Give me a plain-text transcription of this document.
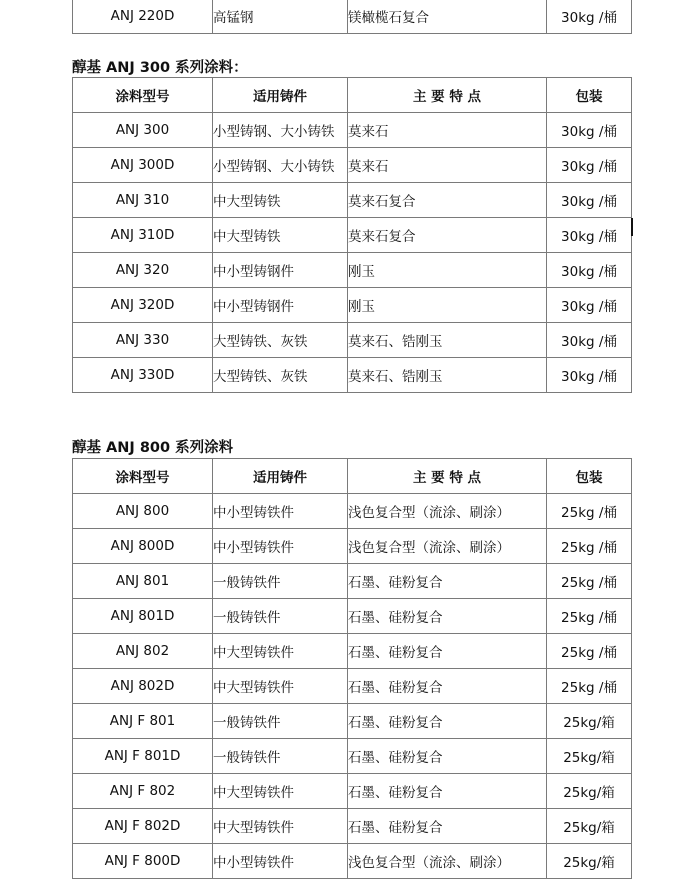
ANJ 220D	高锰钢	镁橄榄石复合	30kg /桶

醇基 ANJ 300 系列涂料：

涂料型号	适用铸件	主 要 特 点	包装
ANJ 300	小型铸钢、大小铸铁	莫来石	30kg /桶
ANJ 300D	小型铸钢、大小铸铁	莫来石	30kg /桶
ANJ 310	中大型铸铁	莫来石复合	30kg /桶
ANJ 310D	中大型铸铁	莫来石复合	30kg /桶
ANJ 320	中小型铸钢件	刚玉	30kg /桶
ANJ 320D	中小型铸钢件	刚玉	30kg /桶
ANJ 330	大型铸铁、灰铁	莫来石、锆刚玉	30kg /桶
ANJ 330D	大型铸铁、灰铁	莫来石、锆刚玉	30kg /桶

醇基 ANJ 800 系列涂料

涂料型号	适用铸件	主 要 特 点	包装
ANJ 800	中小型铸铁件	浅色复合型（流涂、刷涂）	25kg /桶
ANJ 800D	中小型铸铁件	浅色复合型（流涂、刷涂）	25kg /桶
ANJ 801	一般铸铁件	石墨、硅粉复合	25kg /桶
ANJ 801D	一般铸铁件	石墨、硅粉复合	25kg /桶
ANJ 802	中大型铸铁件	石墨、硅粉复合	25kg /桶
ANJ 802D	中大型铸铁件	石墨、硅粉复合	25kg /桶
ANJ F 801	一般铸铁件	石墨、硅粉复合	25kg/箱
ANJ F 801D	一般铸铁件	石墨、硅粉复合	25kg/箱
ANJ F 802	中大型铸铁件	石墨、硅粉复合	25kg/箱
ANJ F 802D	中大型铸铁件	石墨、硅粉复合	25kg/箱
ANJ F 800D	中小型铸铁件	浅色复合型（流涂、刷涂）	25kg/箱
